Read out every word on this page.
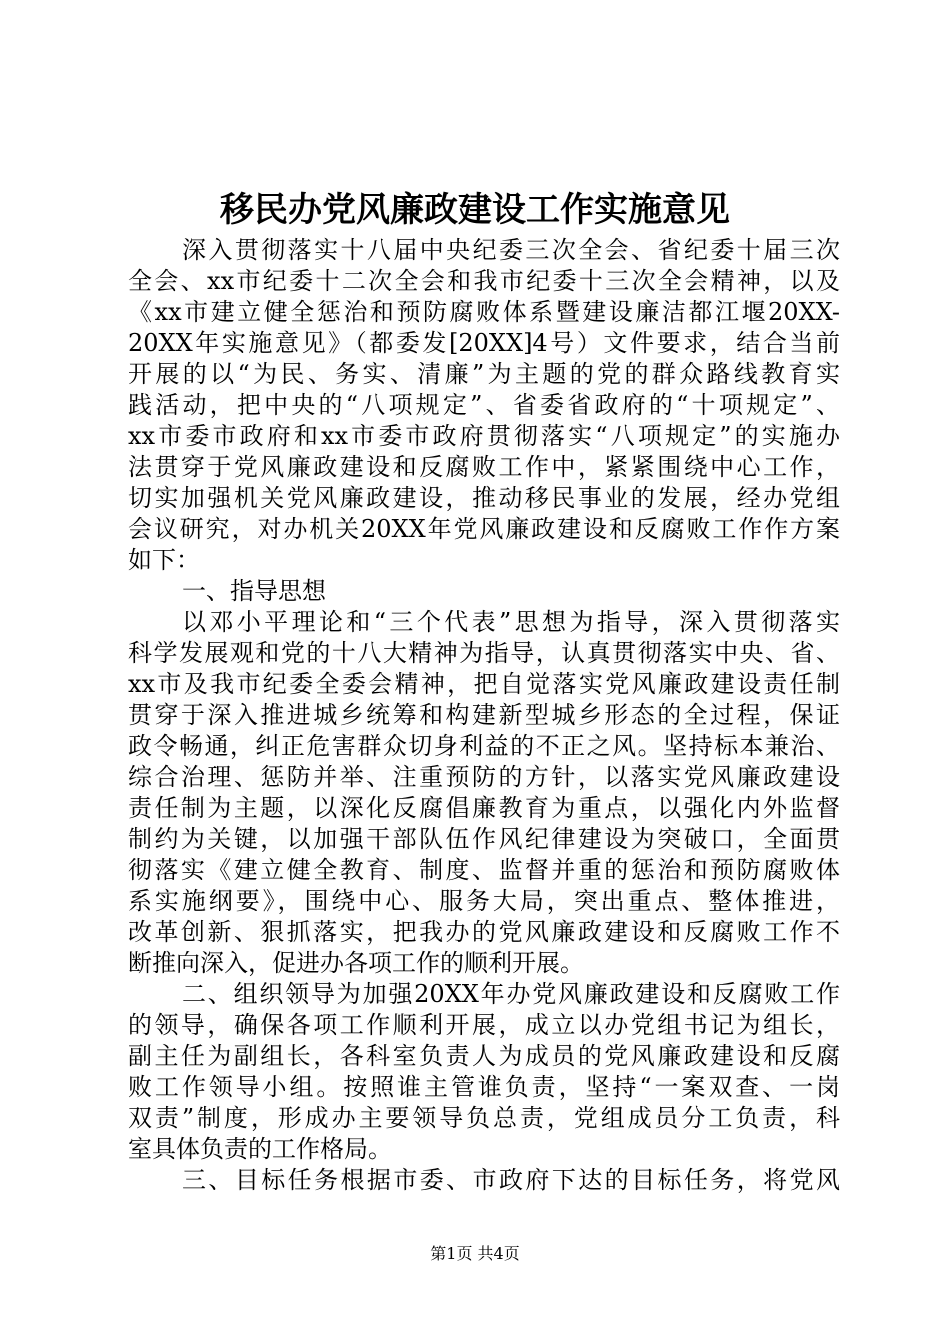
移民办党风廉政建设工作实施意见
深入贯彻落实十八届中央纪委三次全会、省纪委十届三次
全会、xx市纪委十二次全会和我市纪委十三次全会精神，以及
《xx市建立健全惩治和预防腐败体系暨建设廉洁都江堰20XX-
20XX年实施意见》（都委发[20XX]4号）文件要求，结合当前
开展的以“为民、务实、清廉”为主题的党的群众路线教育实
践活动，把中央的“八项规定”、省委省政府的“十项规定”、
xx市委市政府和xx市委市政府贯彻落实“八项规定”的实施办
法贯穿于党风廉政建设和反腐败工作中，紧紧围绕中心工作，
切实加强机关党风廉政建设，推动移民事业的发展，经办党组
会议研究，对办机关20XX年党风廉政建设和反腐败工作作方案
如下：
一、指导思想
以邓小平理论和“三个代表”思想为指导，深入贯彻落实
科学发展观和党的十八大精神为指导，认真贯彻落实中央、省、
xx市及我市纪委全委会精神，把自觉落实党风廉政建设责任制
贯穿于深入推进城乡统筹和构建新型城乡形态的全过程，保证
政令畅通，纠正危害群众切身利益的不正之风。坚持标本兼治、
综合治理、惩防并举、注重预防的方针，以落实党风廉政建设
责任制为主题，以深化反腐倡廉教育为重点，以强化内外监督
制约为关键，以加强干部队伍作风纪律建设为突破口，全面贯
彻落实《建立健全教育、制度、监督并重的惩治和预防腐败体
系实施纲要》，围绕中心、服务大局，突出重点、整体推进，
改革创新、狠抓落实，把我办的党风廉政建设和反腐败工作不
断推向深入，促进办各项工作的顺利开展。
二、组织领导为加强20XX年办党风廉政建设和反腐败工作
的领导，确保各项工作顺利开展，成立以办党组书记为组长，
副主任为副组长，各科室负责人为成员的党风廉政建设和反腐
败工作领导小组。按照谁主管谁负责，坚持“一案双查、一岗
双责”制度，形成办主要领导负总责，党组成员分工负责，科
室具体负责的工作格局。
三、目标任务根据市委、市政府下达的目标任务，将党风
第1页 共4页
